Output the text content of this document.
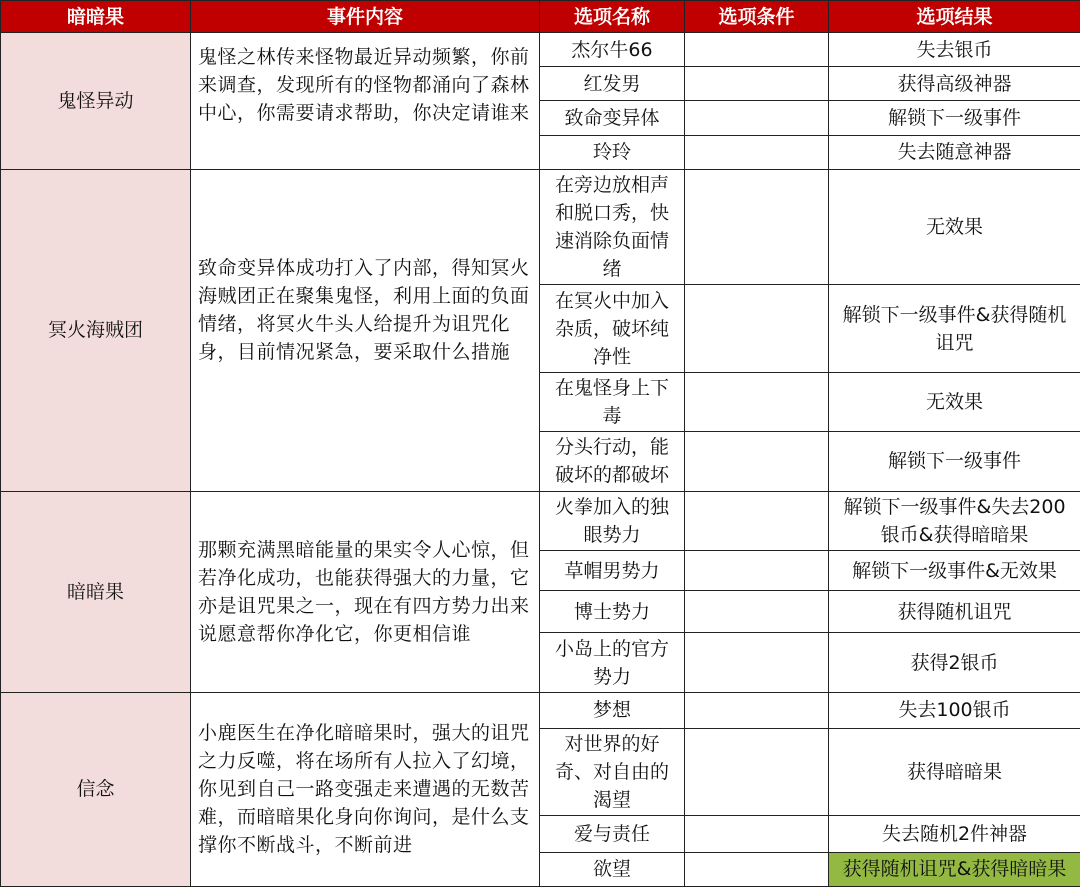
暗暗果	事件内容	选项名称	选项条件	选项结果
鬼怪异动	鬼怪之林传来怪物最近异动频繁，你前来调查，发现所有的怪物都涌向了森林中心，你需要请求帮助，你决定请谁来	杰尔牛66		失去银币
		红发男		获得高级神器
		致命变异体		解锁下一级事件
		玲玲		失去随意神器
冥火海贼团	致命变异体成功打入了内部，得知冥火海贼团正在聚集鬼怪，利用上面的负面情绪，将冥火牛头人给提升为诅咒化身，目前情况紧急，要采取什么措施	在旁边放相声和脱口秀，快速消除负面情绪		无效果
		在冥火中加入杂质，破坏纯净性		解锁下一级事件&获得随机诅咒
		在鬼怪身上下毒		无效果
		分头行动，能破坏的都破坏		解锁下一级事件
暗暗果	那颗充满黑暗能量的果实令人心惊，但若净化成功，也能获得强大的力量，它亦是诅咒果之一，现在有四方势力出来说愿意帮你净化它，你更相信谁	火拳加入的独眼势力		解锁下一级事件&失去200银币&获得暗暗果
		草帽男势力		解锁下一级事件&无效果
		博士势力		获得随机诅咒
		小岛上的官方势力		获得2银币
信念	小鹿医生在净化暗暗果时，强大的诅咒之力反噬，将在场所有人拉入了幻境，你见到自己一路变强走来遭遇的无数苦难，而暗暗果化身向你询问，是什么支撑你不断战斗，不断前进	梦想		失去100银币
		对世界的好奇、对自由的渴望		获得暗暗果
		爱与责任		失去随机2件神器
		欲望		获得随机诅咒&获得暗暗果
